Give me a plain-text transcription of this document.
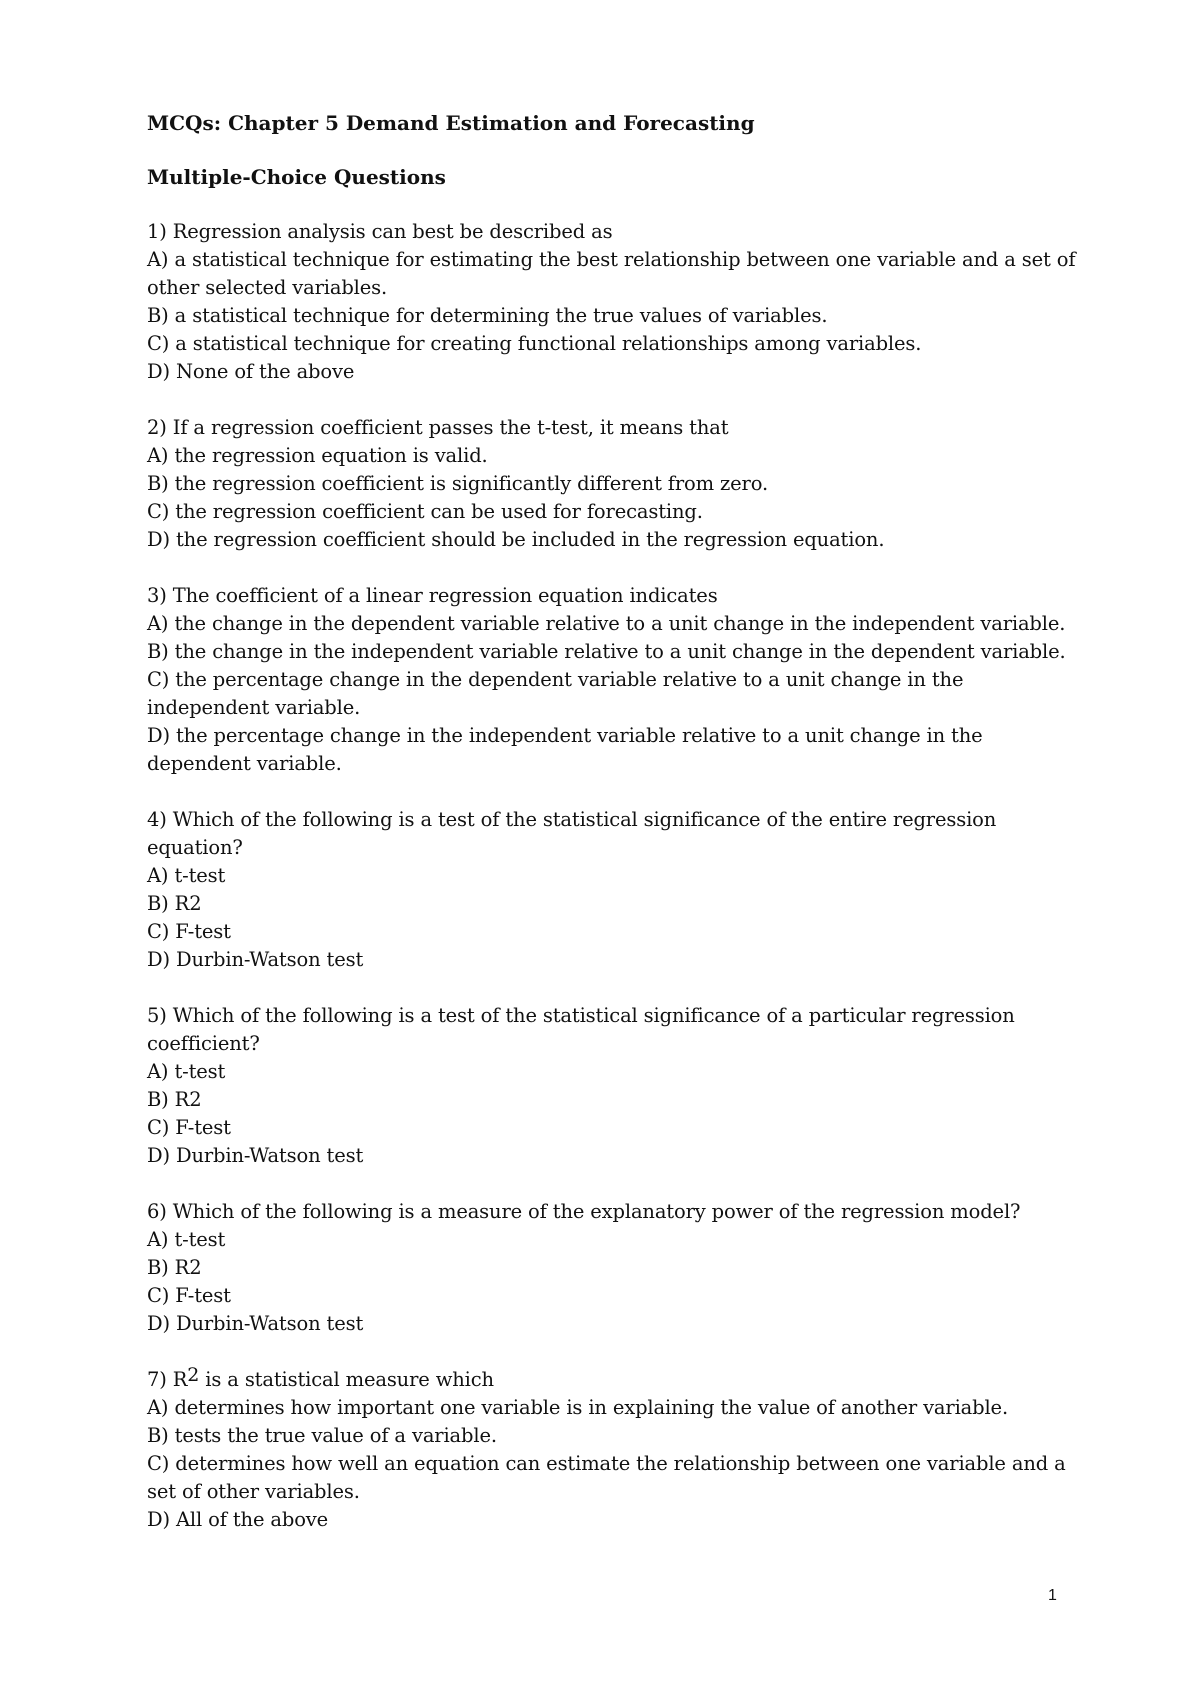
MCQs: Chapter 5 Demand Estimation and Forecasting

Multiple-Choice Questions

1) Regression analysis can best be described as

A) a statistical technique for estimating the best relationship between one variable and a set of other selected variables.

B) a statistical technique for determining the true values of variables.

C) a statistical technique for creating functional relationships among variables.

D) None of the above

2) If a regression coefficient passes the t-test, it means that

A) the regression equation is valid.

B) the regression coefficient is significantly different from zero.

C) the regression coefficient can be used for forecasting.

D) the regression coefficient should be included in the regression equation.

3) The coefficient of a linear regression equation indicates

A) the change in the dependent variable relative to a unit change in the independent variable.

B) the change in the independent variable relative to a unit change in the dependent variable.

C) the percentage change in the dependent variable relative to a unit change in the independent variable.

D) the percentage change in the independent variable relative to a unit change in the dependent variable.

4) Which of the following is a test of the statistical significance of the entire regression equation?

A) t-test

B) R2

C) F-test

D) Durbin-Watson test

5) Which of the following is a test of the statistical significance of a particular regression coefficient?

A) t-test

B) R2

C) F-test

D) Durbin-Watson test

6) Which of the following is a measure of the explanatory power of the regression model?

A) t-test

B) R2

C) F-test

D) Durbin-Watson test

7) $R^2$ is a statistical measure which

A) determines how important one variable is in explaining the value of another variable.

B) tests the true value of a variable.

C) determines how well an equation can estimate the relationship between one variable and a set of other variables.

D) All of the above

1
